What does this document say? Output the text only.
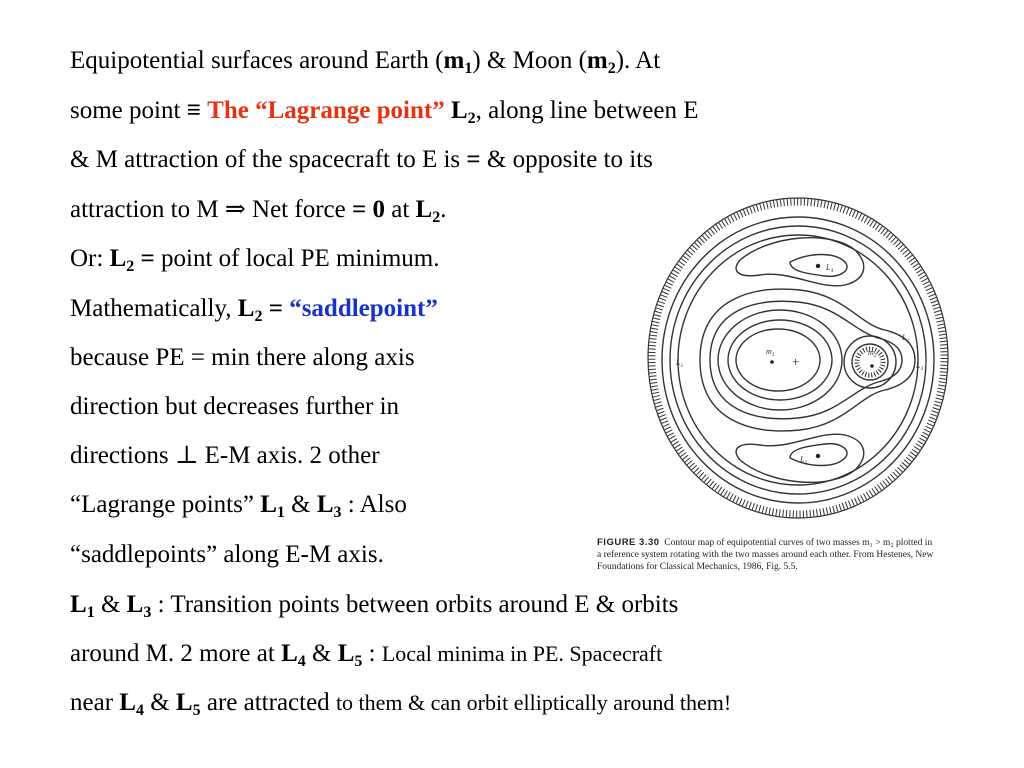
Equipotential surfaces around Earth $(m_1)$ & Moon $(m_2)$. At
some point ≡ The “Lagrange point” $L_2$, along line between E
& M attraction of the spacecraft to E is = & opposite to its
attraction to M ⇒ Net force = 0 at $L_2$.
Or: $L_2$ = point of local PE minimum.
Mathematically, $L_2$ = “saddlepoint”
because PE = min there along axis
direction but decreases further in
directions ⊥ E-M axis. 2 other
“Lagrange points” $L_1$ & $L_3$ : Also
“saddlepoints” along E-M axis.
$L_1$ & $L_3$ : Transition points between orbits around E & orbits
around M. 2 more at $L_4$ & $L_5$ : Local minima in PE. Spacecraft
near $L_4$ & $L_5$ are attracted to them & can orbit elliptically around them!
+
$m_1$	$m_2$
$L_1$	$L_3$
$L_4$
$L_5$
$L_2$
FIGURE 3.30 Contour map of equipotential curves of two masses m₁ > m₂ plotted in
a reference system rotating with the two masses around each other. From Hestenes, New
Foundations for Classical Mechanics, 1986, Fig. 5.5.
